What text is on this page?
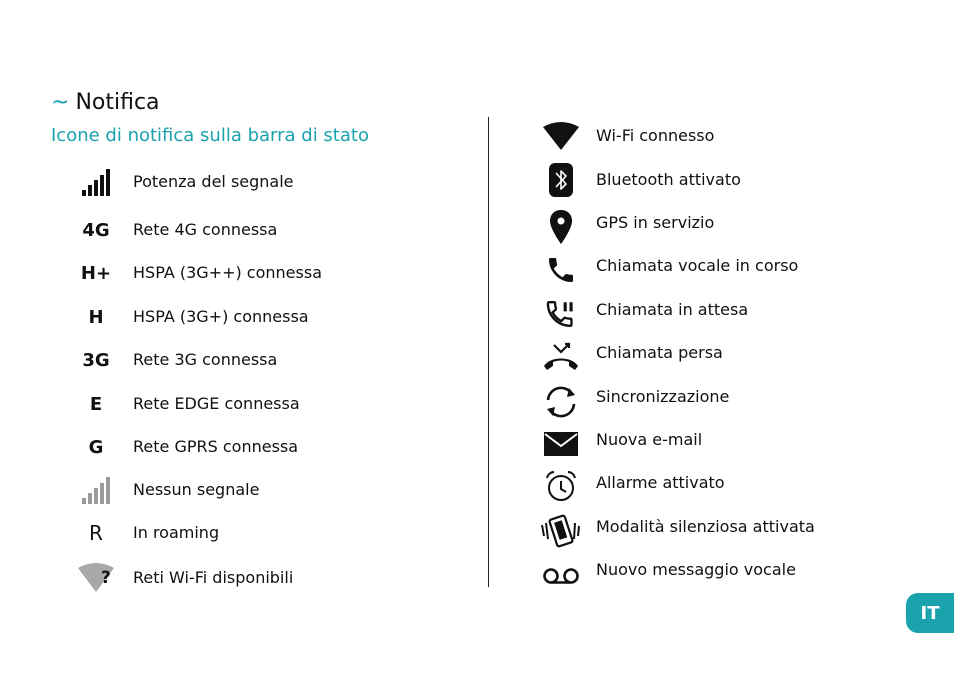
~ Notifica
Icone di notifica sulla barra di stato
Potenza del segnale
4G Rete 4G connessa
H+ HSPA (3G++) connessa
H HSPA (3G+) connessa
3G Rete 3G connessa
E Rete EDGE connessa
G Rete GPRS connessa
Nessun segnale
R In roaming
? Reti Wi-Fi disponibili
Wi-Fi connesso
Bluetooth attivato
GPS in servizio
Chiamata vocale in corso
Chiamata in attesa
Chiamata persa
Sincronizzazione
Nuova e-mail
Allarme attivato
Modalità silenziosa attivata
Nuovo messaggio vocale
IT
